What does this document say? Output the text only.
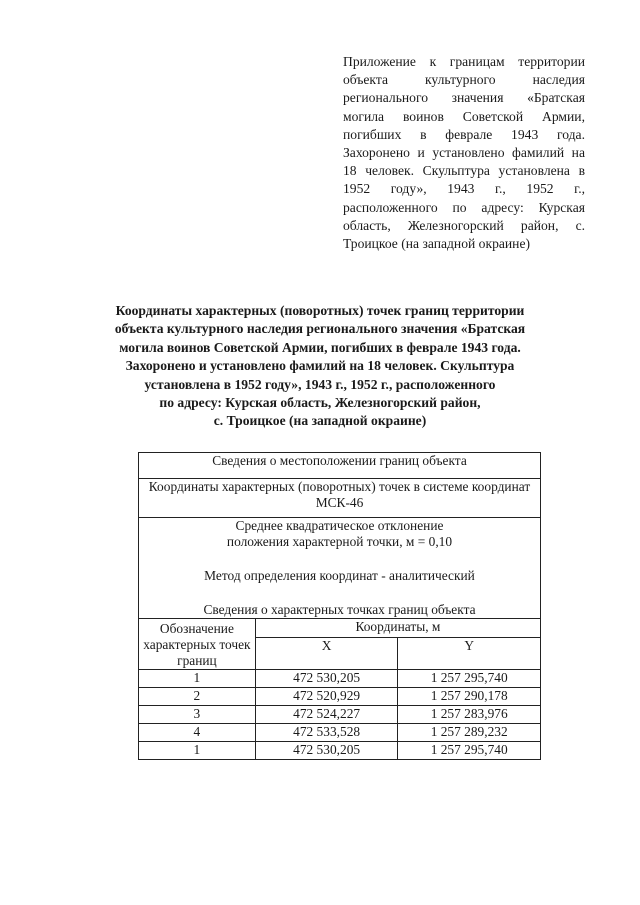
Приложение к границам территории объекта культурного наследия регионального значения «Братская могила воинов Советской Армии, погибших в феврале 1943 года. Захоронено и установлено фамилий на 18 человек. Скульптура установлена в 1952 году», 1943 г., 1952 г., расположенного по адресу: Курская область, Железногорский район, с. Троицкое (на западной окраине)
Координаты характерных (поворотных) точек границ территории
объекта культурного наследия регионального значения «Братская
могила воинов Советской Армии, погибших в феврале 1943 года.
Захоронено и установлено фамилий на 18 человек. Скульптура
установлена в 1952 году», 1943 г., 1952 г., расположенного
по адресу: Курская область, Железногорский район,
с. Троицкое (на западной окраине)
Сведения о местоположении границ объекта		
Координаты характерных (поворотных) точек в системе координат МСК-46		

Среднее квадратическое отклонение
положения характерной точки, м = 0,10
Метод определения координат - аналитический
Сведения о характерных точках границ объекта		

Обозначение характерных точек границ	Координаты, м	
	X	Y
1	472 530,205	1 257 295,740
2	472 520,929	1 257 290,178
3	472 524,227	1 257 283,976
4	472 533,528	1 257 289,232
1	472 530,205	1 257 295,740
